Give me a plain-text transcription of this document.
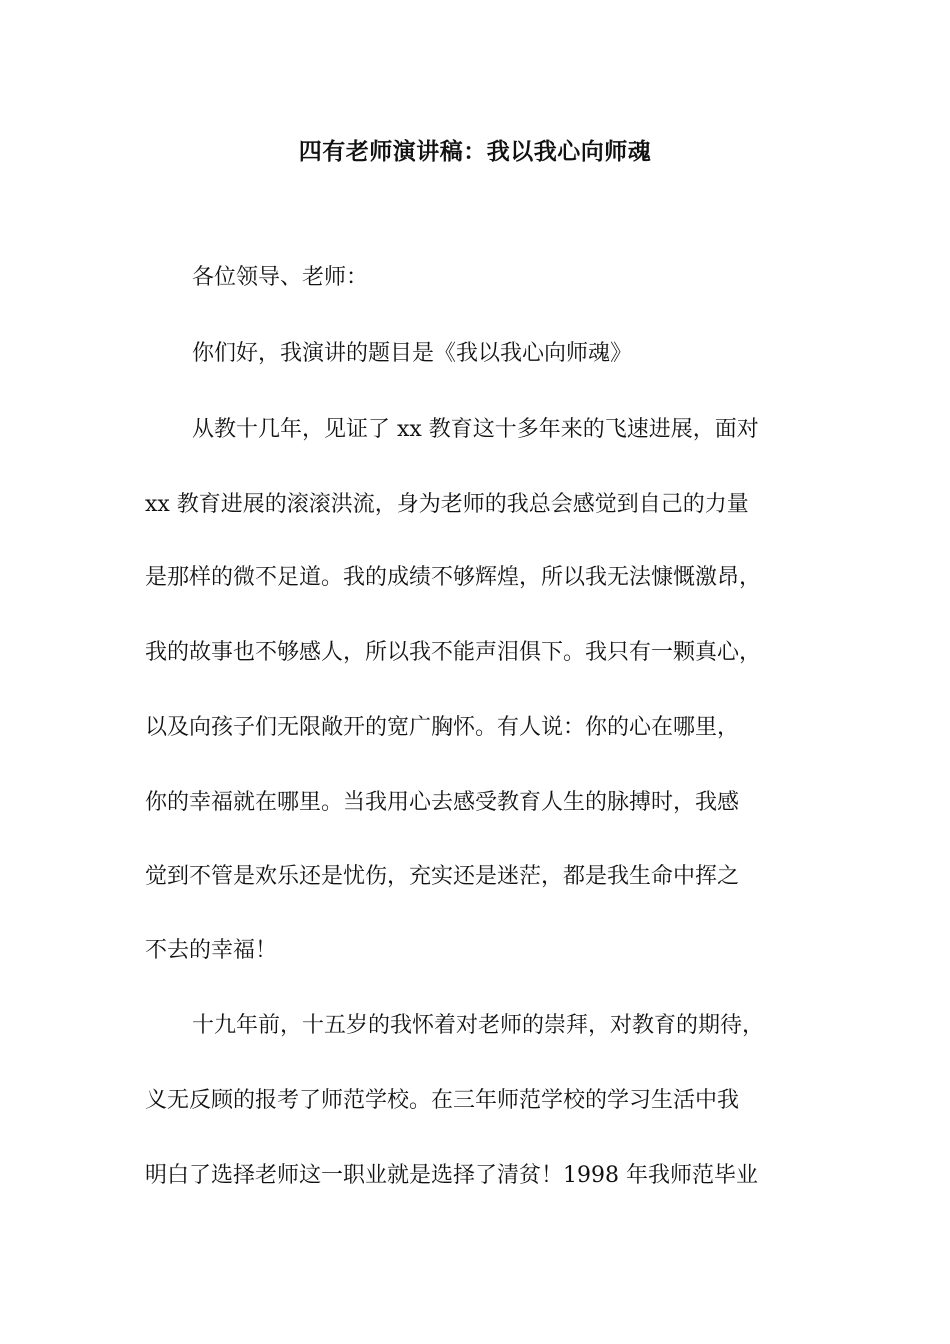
四有老师演讲稿：我以我心向师魂

各位领导、老师：

你们好，我演讲的题目是《我以我心向师魂》

从教十几年，见证了 xx 教育这十多年来的飞速进展，面对

xx 教育进展的滚滚洪流，身为老师的我总会感觉到自己的力量

是那样的微不足道。我的成绩不够辉煌，所以我无法慷慨激昂，

我的故事也不够感人，所以我不能声泪俱下。我只有一颗真心，

以及向孩子们无限敞开的宽广胸怀。有人说：你的心在哪里，

你的幸福就在哪里。当我用心去感受教育人生的脉搏时，我感

觉到不管是欢乐还是忧伤，充实还是迷茫，都是我生命中挥之

不去的幸福！

十九年前，十五岁的我怀着对老师的崇拜，对教育的期待，

义无反顾的报考了师范学校。在三年师范学校的学习生活中我

明白了选择老师这一职业就是选择了清贫！1998 年我师范毕业
